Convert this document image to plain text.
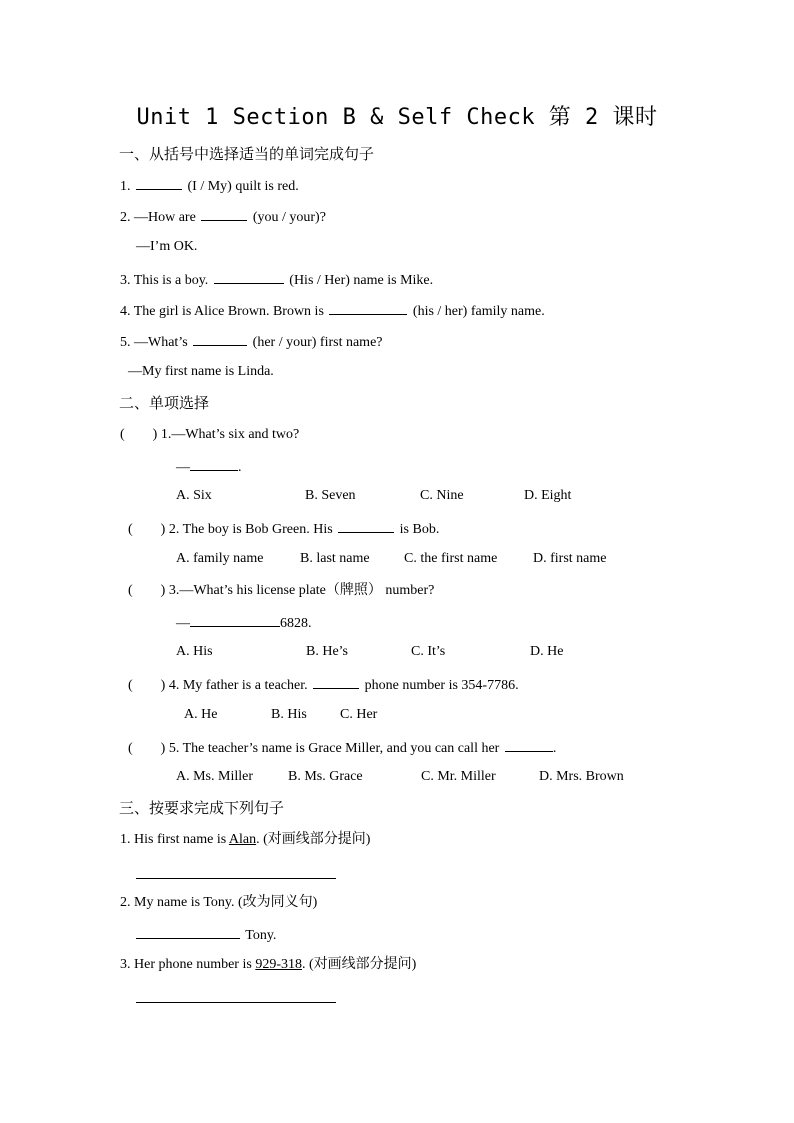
Unit 1 Section B & Self Check 第 2 课时
一、从括号中选择适当的单词完成句子
1.	(I / My) quilt is red.
2. —How are	(you / your)?
—I’m OK.
3. This is a boy.	(His / Her) name is Mike.
4. The girl is Alice Brown. Brown is	(his / her) family name.
5. —What’s	(her / your) first name?
—My first name is Linda.
二、单项选择
(　　) 1.—What’s six and two?
—	.
A. Six	B. Seven	C. Nine	D. Eight
(　　) 2. The boy is Bob Green. His	is Bob.
A. family name	B. last name C. the first name	D. first name
(　　) 3.—What’s his license plate（牌照） number?
—	6828.
A. His	B. He’s	C. It’s	D. He
(　　) 4. My father is a teacher.	phone number is 354-7786.
A. He	B. His C. Her
(　　) 5. The teacher’s name is Grace Miller, and you can call her	.
A. Ms. Miller	B. Ms. Grace	C. Mr. Miller	D. Mrs. Brown
三、按要求完成下列句子
1. His first name is Alan. (对画线部分提问)
2. My name is Tony. (改为同义句)
Tony.
3. Her phone number is 929-318. (对画线部分提问)
